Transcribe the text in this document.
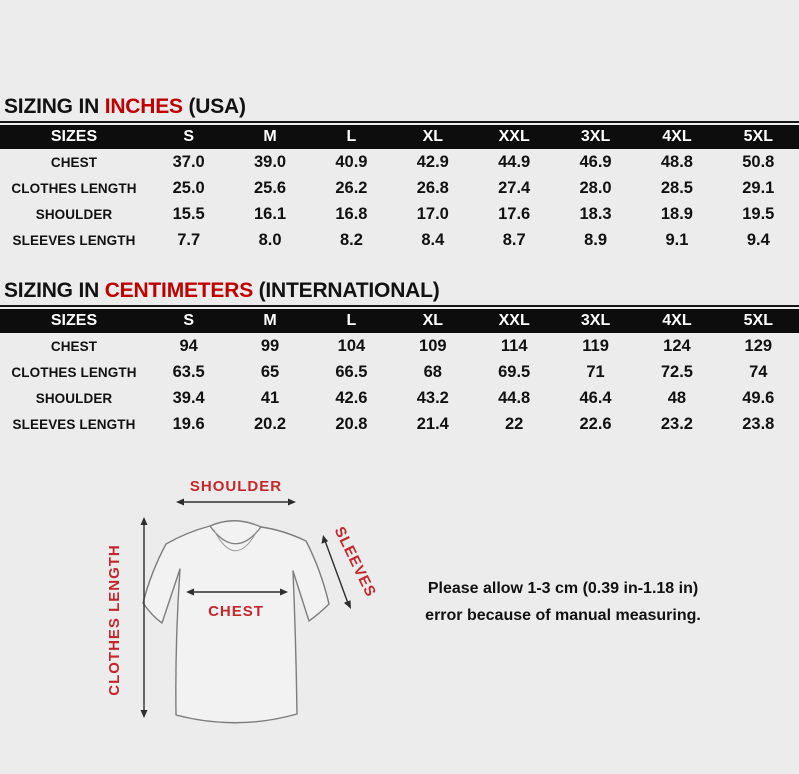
SIZING IN INCHES (USA)
SIZES	S	M	L	XL	XXL	3XL	4XL	5XL
CHEST	37.0	39.0	40.9	42.9	44.9	46.9	48.8	50.8
CLOTHES LENGTH	25.0	25.6	26.2	26.8	27.4	28.0	28.5	29.1
SHOULDER	15.5	16.1	16.8	17.0	17.6	18.3	18.9	19.5
SLEEVES LENGTH	7.7	8.0	8.2	8.4	8.7	8.9	9.1	9.4
SIZING IN CENTIMETERS (INTERNATIONAL)
SIZES	S	M	L	XL	XXL	3XL	4XL	5XL
CHEST	94	99	104	109	114	119	124	129
CLOTHES LENGTH	63.5	65	66.5	68	69.5	71	72.5	74
SHOULDER	39.4	41	42.6	43.2	44.8	46.4	48	49.6
SLEEVES LENGTH	19.6	20.2	20.8	21.4	22	22.6	23.2	23.8
SHOULDER
CLOTHES LENGTH	SLEEVES
CHEST
Please allow 1-3 cm (0.39 in-1.18 in)
error because of manual measuring.
